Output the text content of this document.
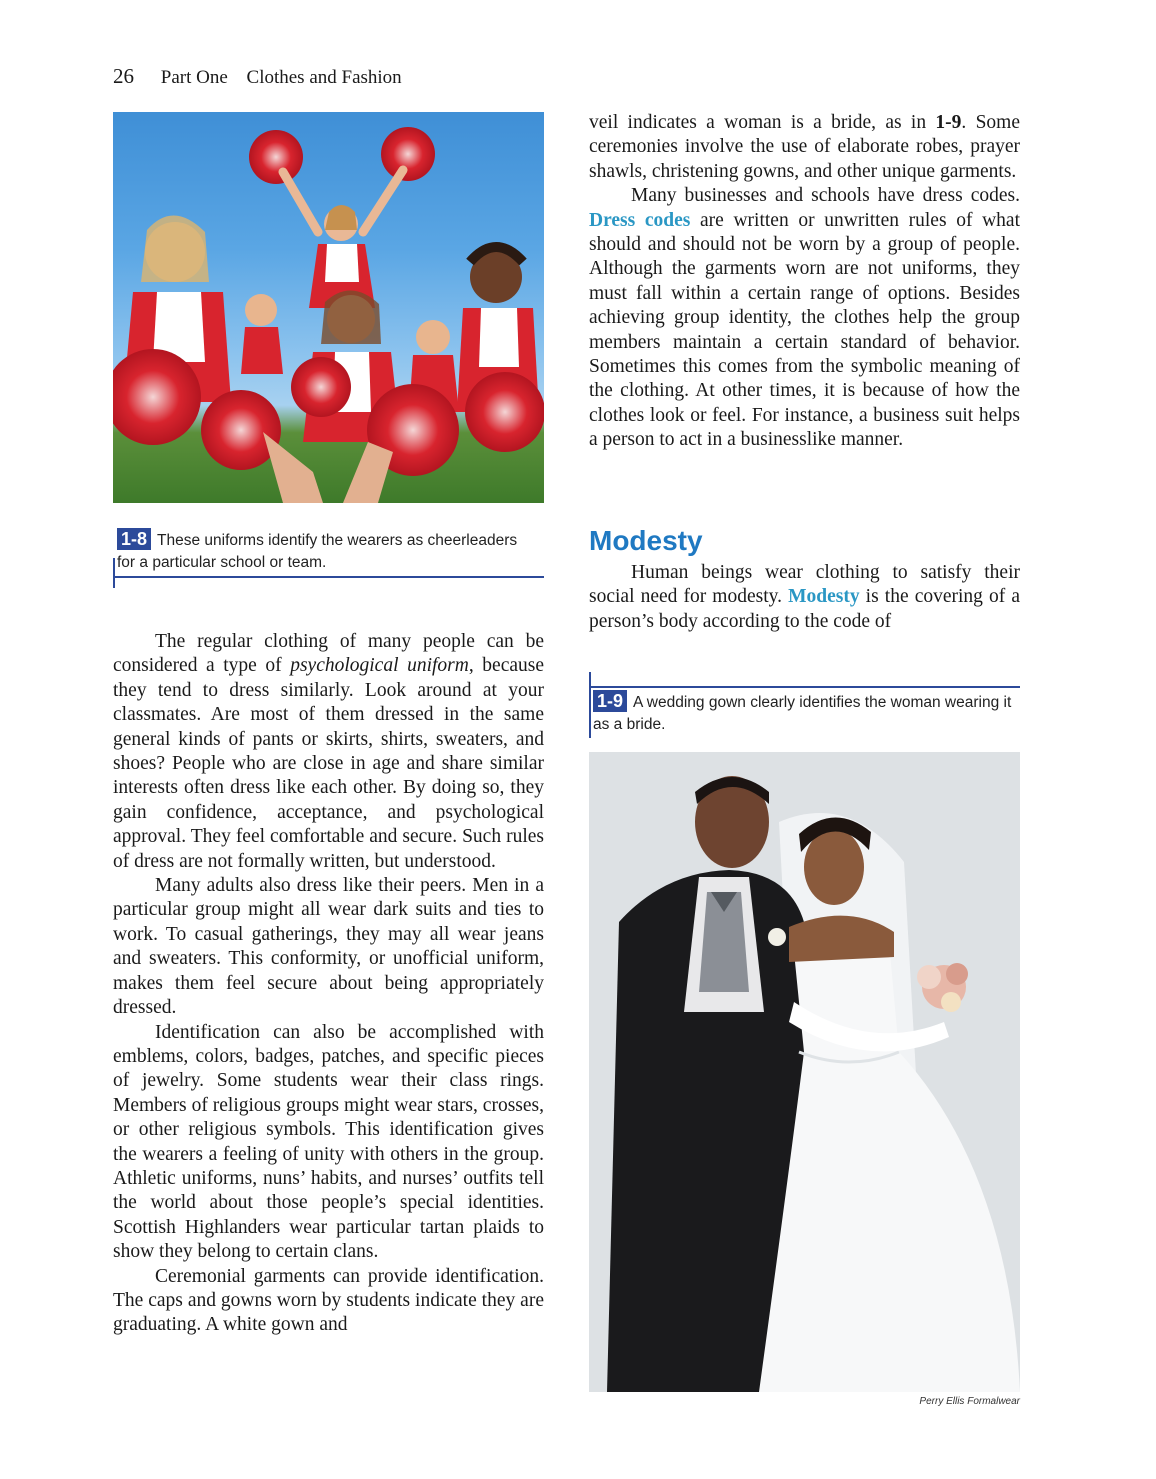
26 Part One Clothes and Fashion
1-8 These uniforms identify the wearers as cheerleaders for a particular school or team.

The regular clothing of many people can be considered a type of psychological uniform, because they tend to dress similarly. Look around at your classmates. Are most of them dressed in the same general kinds of pants or skirts, shirts, sweaters, and shoes? People who are close in age and share similar interests often dress like each other. By doing so, they gain confidence, acceptance, and psychological approval. They feel comfortable and secure. Such rules of dress are not formally written, but understood.

Many adults also dress like their peers. Men in a particular group might all wear dark suits and ties to work. To casual gatherings, they may all wear jeans and sweaters. This conformity, or unofficial uniform, makes them feel secure about being appropriately dressed.

Identification can also be accomplished with emblems, colors, badges, patches, and specific pieces of jewelry. Some students wear their class rings. Members of religious groups might wear stars, crosses, or other religious symbols. This identification gives the wearers a feeling of unity with others in the group. Athletic uniforms, nuns’ habits, and nurses’ outfits tell the world about those people’s special identities. Scottish Highlanders wear particular tartan plaids to show they belong to certain clans.

Ceremonial garments can provide identification. The caps and gowns worn by students indicate they are graduating. A white gown and

veil indicates a woman is a bride, as in 1-9. Some ceremonies involve the use of elaborate robes, prayer shawls, christening gowns, and other unique garments.

Many businesses and schools have dress codes. Dress codes are written or unwritten rules of what should and should not be worn by a group of people. Although the garments worn are not uniforms, they must fall within a certain range of options. Besides achieving group identity, the clothes help the group members maintain a certain standard of behavior. Sometimes this comes from the symbolic meaning of the clothing. At other times, it is because of how the clothes look or feel. For instance, a business suit helps a person to act in a businesslike manner.

Modesty

Human beings wear clothing to satisfy their social need for modesty. Modesty is the covering of a person’s body according to the code of

1-9 A wedding gown clearly identifies the woman wearing it as a bride.
Perry Ellis Formalwear
